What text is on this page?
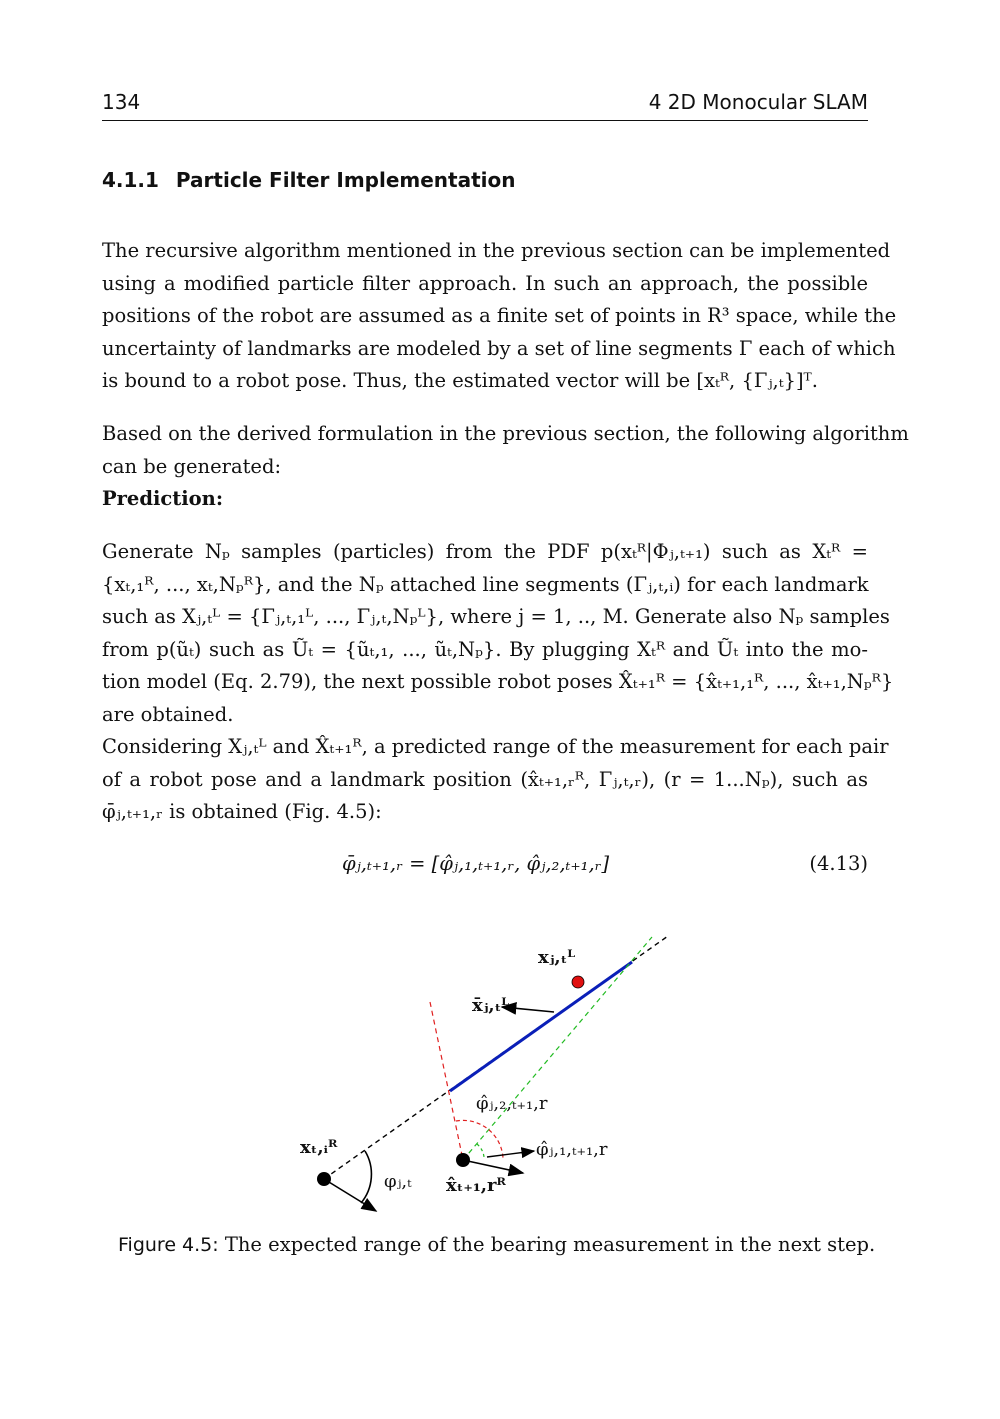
134	4 2D Monocular SLAM
4.1.1 Particle Filter Implementation
The recursive algorithm mentioned in the previous section can be implemented
using a modified particle filter approach. In such an approach, the possible
positions of the robot are assumed as a finite set of points in R³ space, while the
uncertainty of landmarks are modeled by a set of line segments Γ each of which
is bound to a robot pose. Thus, the estimated vector will be [xₜᴿ, {Γⱼ,ₜ}]ᵀ.
Based on the derived formulation in the previous section, the following algorithm
can be generated:
Prediction:
Generate Nₚ samples (particles) from the PDF p(xₜᴿ|Φⱼ,ₜ₊₁) such as Xₜᴿ =
{xₜ,₁ᴿ, ..., xₜ,Nₚᴿ}, and the Nₚ attached line segments (Γⱼ,ₜ,ᵢ) for each landmark
such as Xⱼ,ₜᴸ = {Γⱼ,ₜ,₁ᴸ, ..., Γⱼ,ₜ,Nₚᴸ}, where j = 1, .., M. Generate also Nₚ samples
from p(ũₜ) such as Ũₜ = {ũₜ,₁, ..., ũₜ,Nₚ}. By plugging Xₜᴿ and Ũₜ into the mo-
tion model (Eq. 2.79), the next possible robot poses X̂ₜ₊₁ᴿ = {x̂ₜ₊₁,₁ᴿ, ..., x̂ₜ₊₁,Nₚᴿ}
are obtained.
Considering Xⱼ,ₜᴸ and X̂ₜ₊₁ᴿ, a predicted range of the measurement for each pair
of a robot pose and a landmark position (x̂ₜ₊₁,ᵣᴿ, Γⱼ,ₜ,ᵣ), (r = 1...Nₚ), such as
φ̄ⱼ,ₜ₊₁,ᵣ is obtained (Fig. 4.5):
φ̄ⱼ,ₜ₊₁,ᵣ = [φ̂ⱼ,₁,ₜ₊₁,ᵣ, φ̂ⱼ,₂,ₜ₊₁,ᵣ]	(4.13)
xⱼ,ₜᴸ
x̄ⱼ,ₜᴸ
φ̂ⱼ,₂,ₜ₊₁,r
φ̂ⱼ,₁,ₜ₊₁,r
xₜ,ᵢᴿ
φⱼ,ₜ x̂ₜ₊₁,rᴿ
Figure 4.5: The expected range of the bearing measurement in the next step.
